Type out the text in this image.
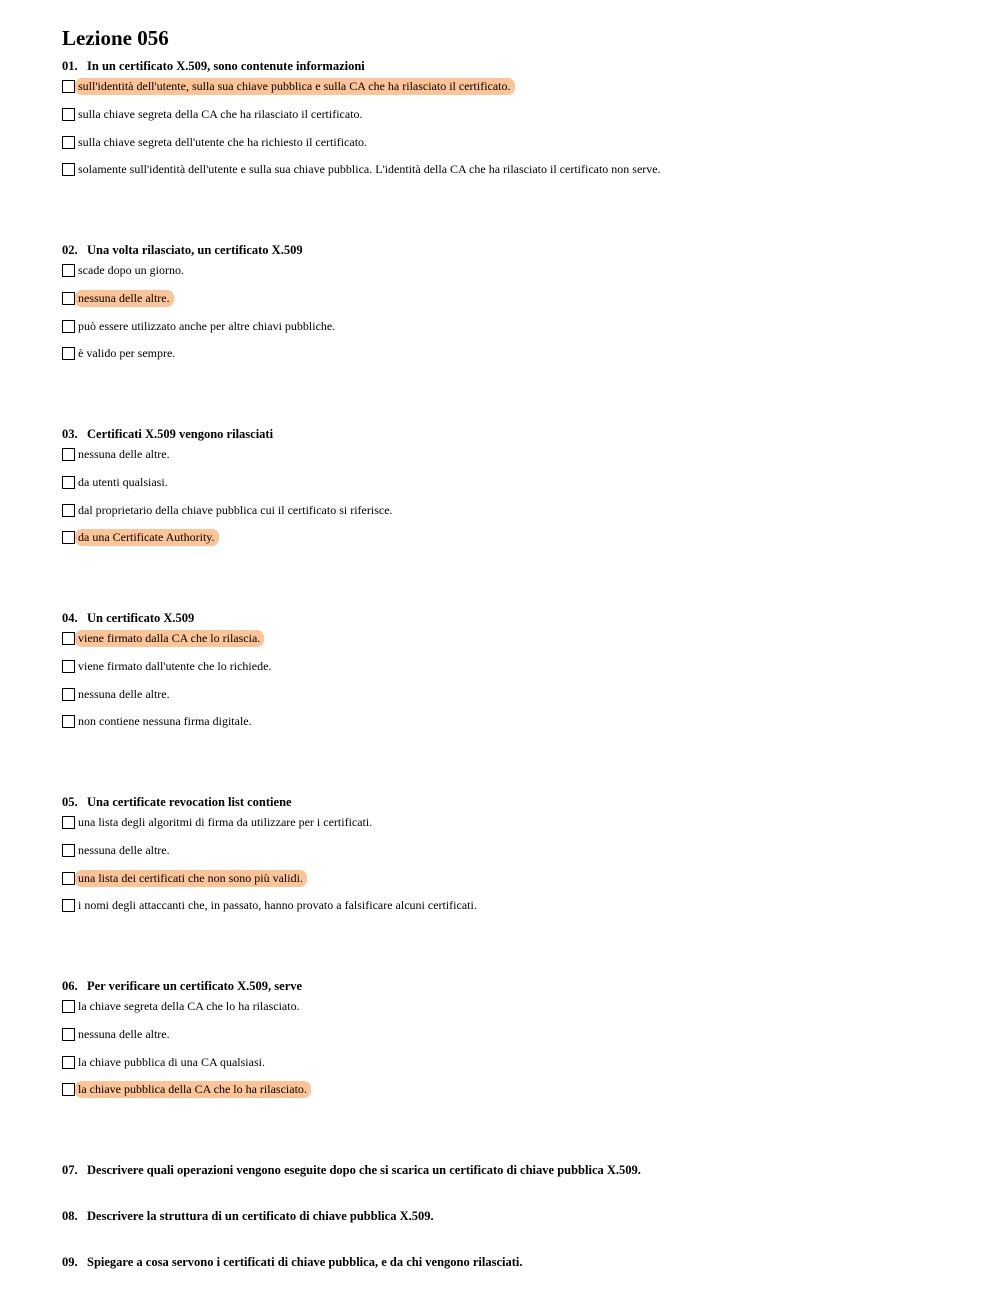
Lezione 056
01. In un certificato X.509, sono contenute informazioni
sull'identità dell'utente, sulla sua chiave pubblica e sulla CA che ha rilasciato il certificato.
sulla chiave segreta della CA che ha rilasciato il certificato.
sulla chiave segreta dell'utente che ha richiesto il certificato.
solamente sull'identità dell'utente e sulla sua chiave pubblica. L'identità della CA che ha rilasciato il certificato non serve.
02. Una volta rilasciato, un certificato X.509
scade dopo un giorno.
nessuna delle altre.
può essere utilizzato anche per altre chiavi pubbliche.
è valido per sempre.
03. Certificati X.509 vengono rilasciati
nessuna delle altre.
da utenti qualsiasi.
dal proprietario della chiave pubblica cui il certificato si riferisce.
da una Certificate Authority.
04. Un certificato X.509
viene firmato dalla CA che lo rilascia.
viene firmato dall'utente che lo richiede.
nessuna delle altre.
non contiene nessuna firma digitale.
05. Una certificate revocation list contiene
una lista degli algoritmi di firma da utilizzare per i certificati.
nessuna delle altre.
una lista dei certificati che non sono più validi.
i nomi degli attaccanti che, in passato, hanno provato a falsificare alcuni certificati.
06. Per verificare un certificato X.509, serve
la chiave segreta della CA che lo ha rilasciato.
nessuna delle altre.
la chiave pubblica di una CA qualsiasi.
la chiave pubblica della CA che lo ha rilasciato.
07. Descrivere quali operazioni vengono eseguite dopo che si scarica un certificato di chiave pubblica X.509.
08. Descrivere la struttura di un certificato di chiave pubblica X.509.
09. Spiegare a cosa servono i certificati di chiave pubblica, e da chi vengono rilasciati.
